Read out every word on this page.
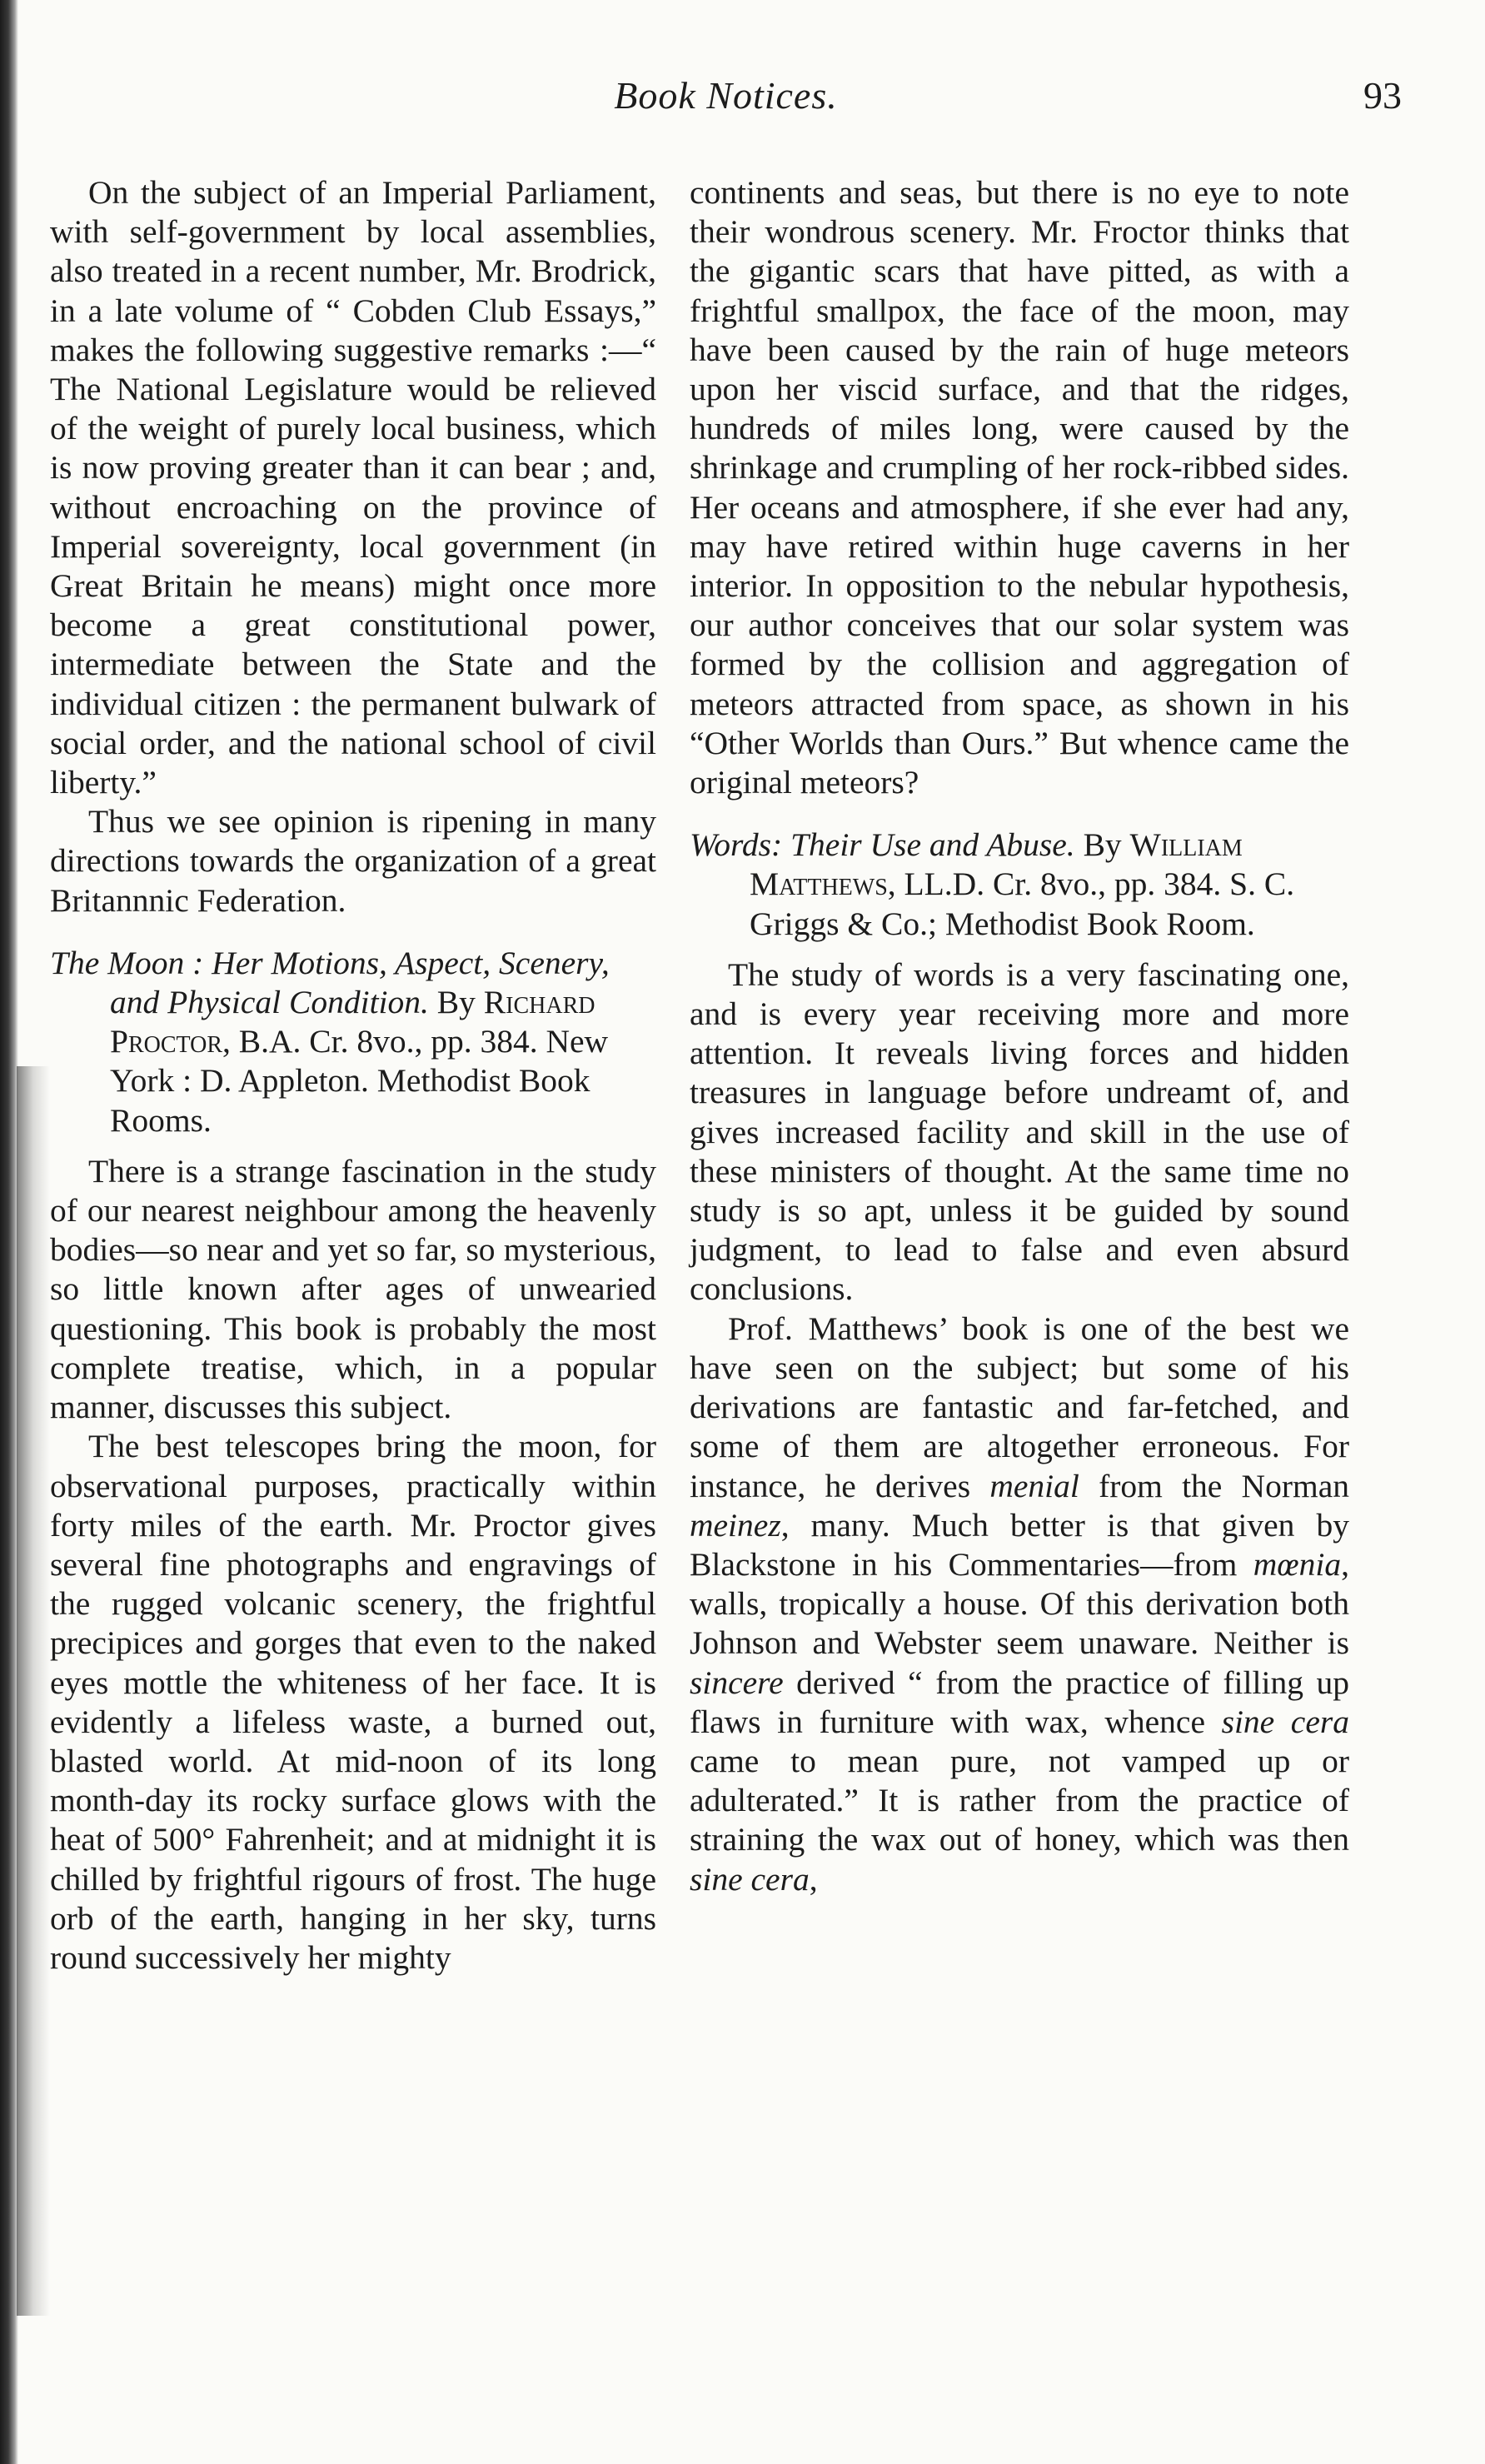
Book Notices.	93

On the subject of an Imperial Parliament, with self-government by local assemblies, also treated in a recent number, Mr. Brodrick, in a late volume of “ Cobden Club Essays,” makes the following suggestive remarks :—“ The National Legislature would be relieved of the weight of purely local business, which is now proving greater than it can bear ; and, without encroaching on the province of Imperial sovereignty, local government (in Great Britain he means) might once more become a great constitutional power, intermediate between the State and the individual citizen : the permanent bulwark of social order, and the national school of civil liberty.”

Thus we see opinion is ripening in many directions towards the organization of a great Britannnic Federation.

The Moon : Her Motions, Aspect, Scenery, and Physical Condition. By Richard Proctor, B.A. Cr. 8vo., pp. 384. New York : D. Appleton. Methodist Book Rooms.

There is a strange fascination in the study of our nearest neighbour among the heavenly bodies—so near and yet so far, so mysterious, so little known after ages of unwearied questioning. This book is probably the most complete treatise, which, in a popular manner, discusses this subject.

The best telescopes bring the moon, for observational purposes, practically within forty miles of the earth. Mr. Proctor gives several fine photographs and engravings of the rugged volcanic scenery, the frightful precipices and gorges that even to the naked eyes mottle the whiteness of her face. It is evidently a lifeless waste, a burned out, blasted world. At mid-noon of its long month-day its rocky surface glows with the heat of 500° Fahrenheit; and at midnight it is chilled by frightful rigours of frost. The huge orb of the earth, hanging in her sky, turns round successively her mighty

continents and seas, but there is no eye to note their wondrous scenery. Mr. Froctor thinks that the gigantic scars that have pitted, as with a frightful smallpox, the face of the moon, may have been caused by the rain of huge meteors upon her viscid surface, and that the ridges, hundreds of miles long, were caused by the shrinkage and crumpling of her rock-ribbed sides. Her oceans and atmosphere, if she ever had any, may have retired within huge caverns in her interior. In opposition to the nebular hypothesis, our author conceives that our solar system was formed by the collision and aggregation of meteors attracted from space, as shown in his “Other Worlds than Ours.” But whence came the original meteors?

Words: Their Use and Abuse. By William Matthews, LL.D. Cr. 8vo., pp. 384. S. C. Griggs & Co.; Methodist Book Room.

The study of words is a very fascinating one, and is every year receiving more and more attention. It reveals living forces and hidden treasures in language before undreamt of, and gives increased facility and skill in the use of these ministers of thought. At the same time no study is so apt, unless it be guided by sound judgment, to lead to false and even absurd conclusions.

Prof. Matthews’ book is one of the best we have seen on the subject; but some of his derivations are fantastic and far-fetched, and some of them are altogether erroneous. For instance, he derives menial from the Norman meinez, many. Much better is that given by Blackstone in his Commentaries—from mœnia, walls, tropically a house. Of this derivation both Johnson and Webster seem unaware. Neither is sincere derived “ from the practice of filling up flaws in furniture with wax, whence sine cera came to mean pure, not vamped up or adulterated.” It is rather from the practice of straining the wax out of honey, which was then sine cera,
